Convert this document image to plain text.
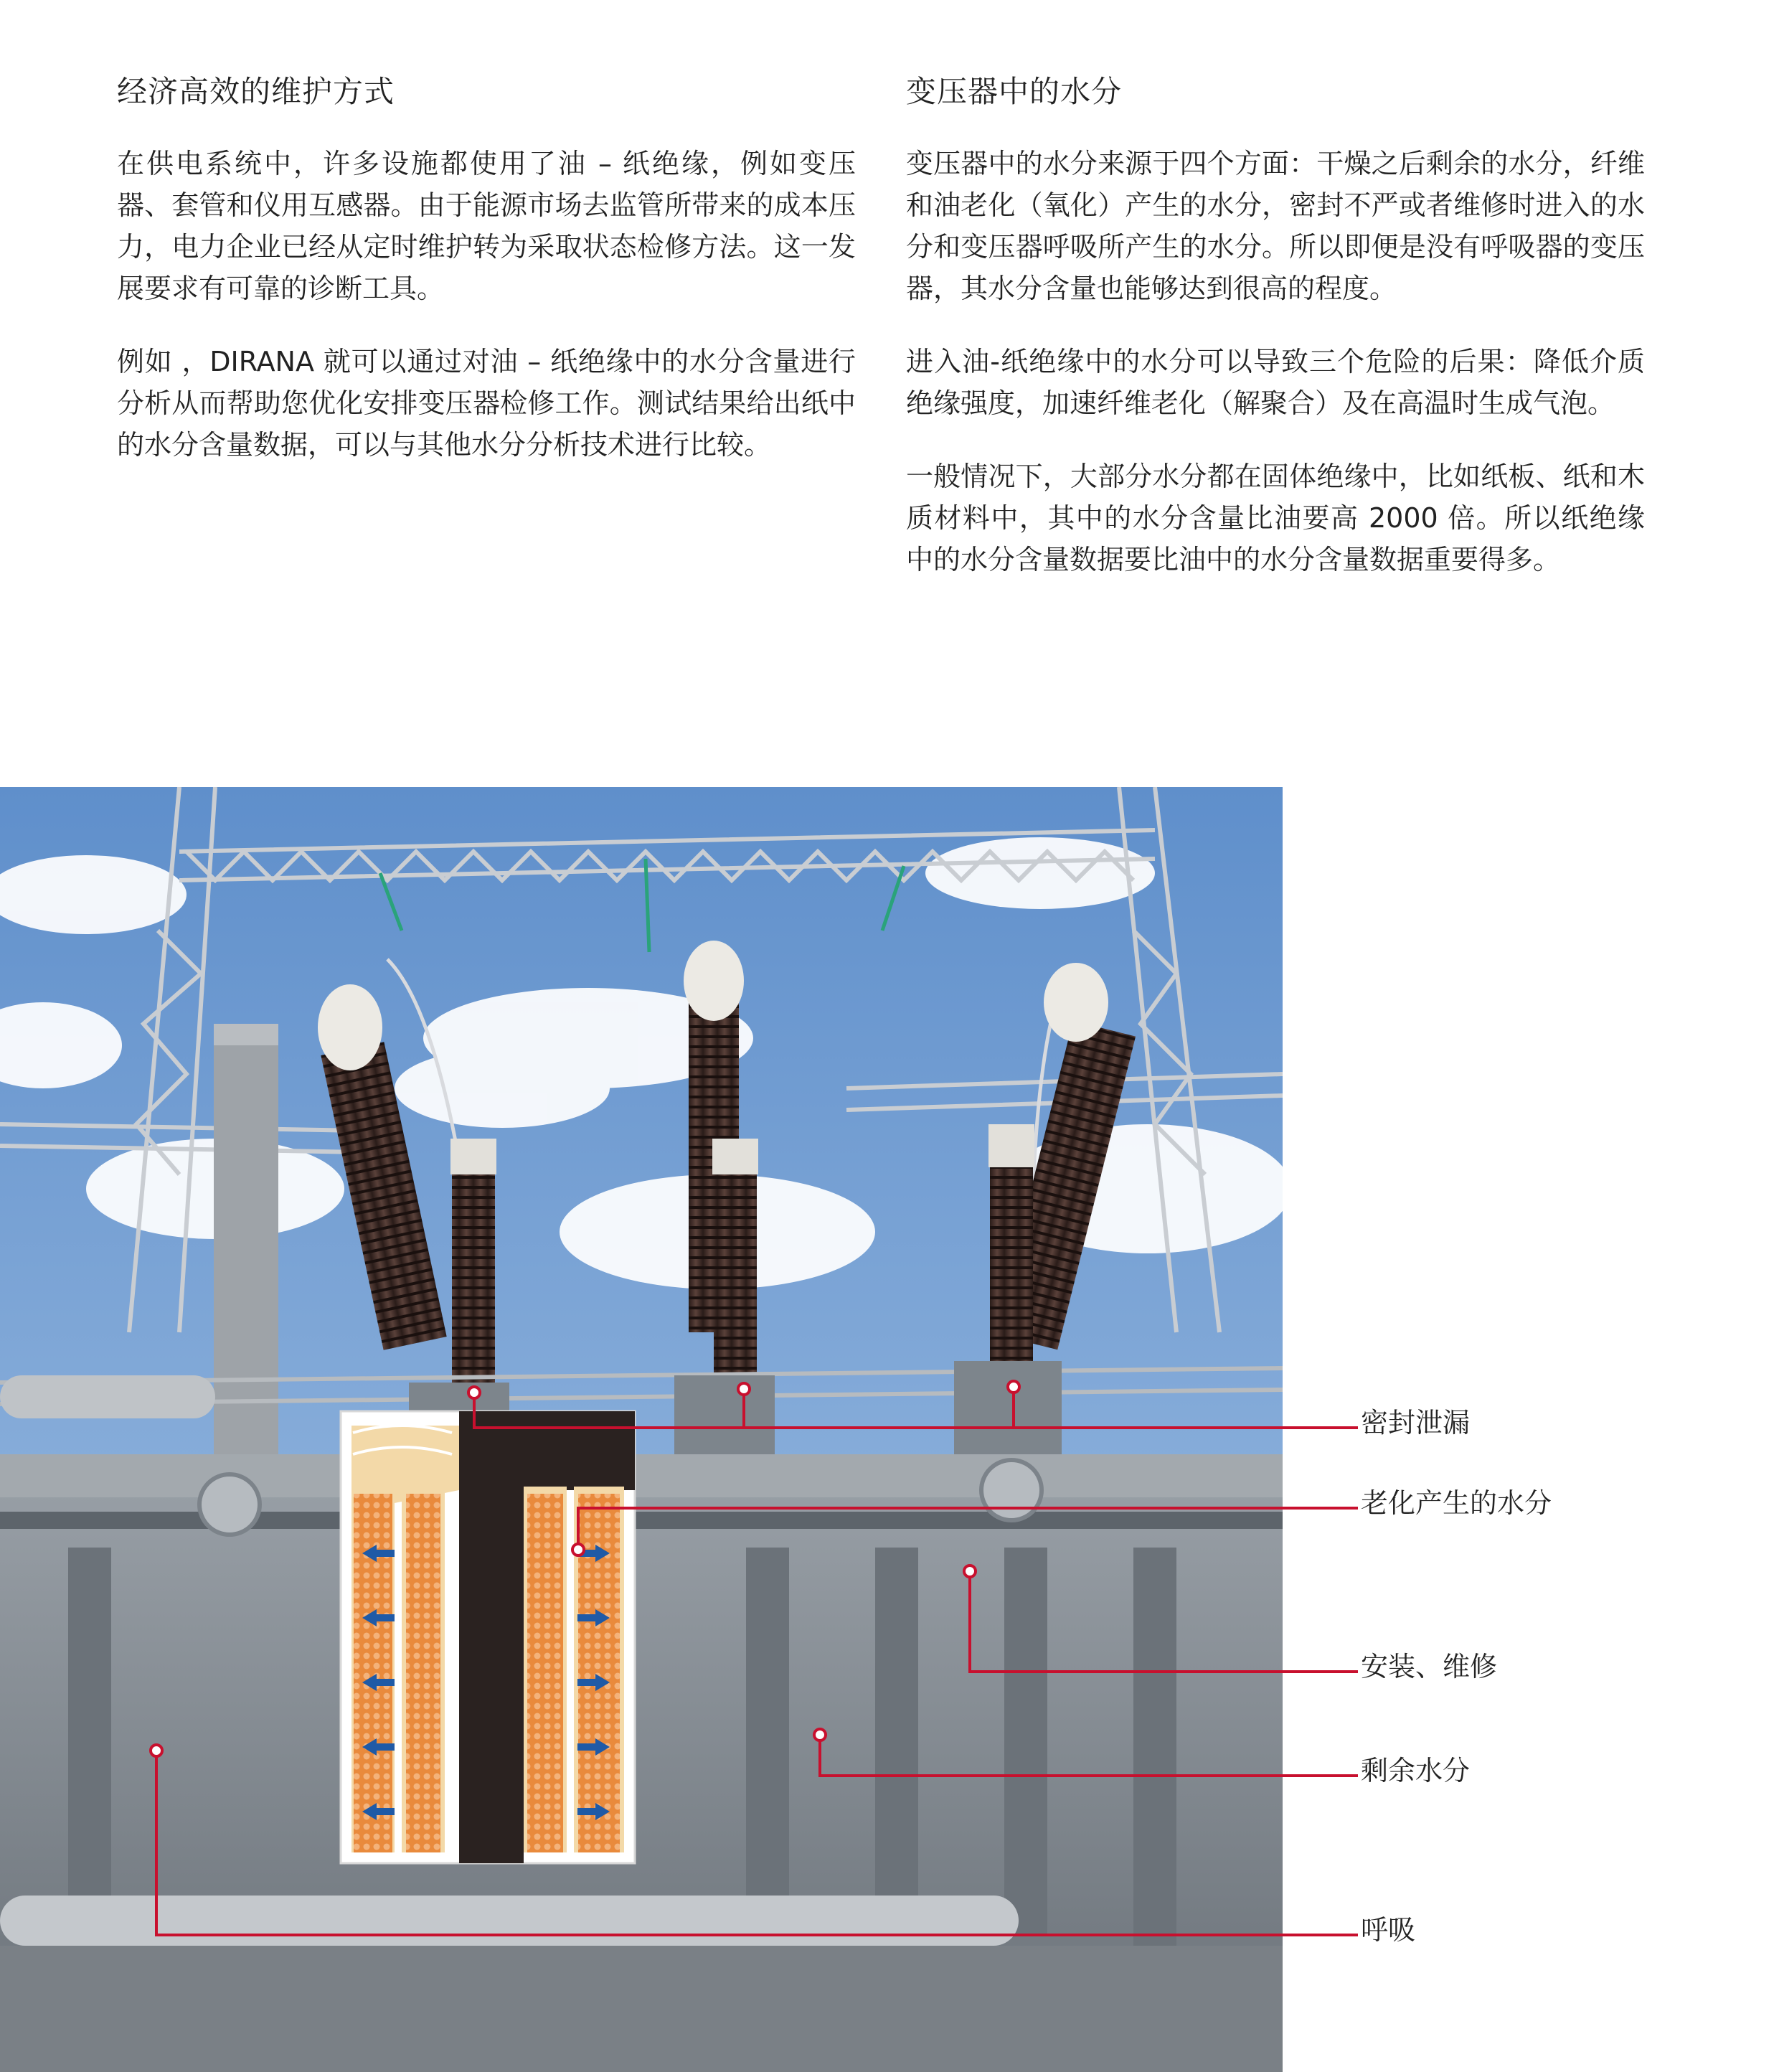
经济高效的维护方式

在供电系统中，许多设施都使用了油 – 纸绝缘，例如变压器、套管和仪用互感器。由于能源市场去监管所带来的成本压力，电力企业已经从定时维护转为采取状态检修方法。这一发展要求有可靠的诊断工具。

例如 ，DIRANA 就可以通过对油 – 纸绝缘中的水分含量进行分析从而帮助您优化安排变压器检修工作。测试结果给出纸中的水分含量数据，可以与其他水分分析技术进行比较。

变压器中的水分

变压器中的水分来源于四个方面：干燥之后剩余的水分，纤维和油老化（氧化）产生的水分，密封不严或者维修时进入的水分和变压器呼吸所产生的水分。所以即便是没有呼吸器的变压器，其水分含量也能够达到很高的程度。

进入油-纸绝缘中的水分可以导致三个危险的后果：降低介质绝缘强度，加速纤维老化（解聚合）及在高温时生成气泡。

一般情况下，大部分水分都在固体绝缘中，比如纸板、纸和木质材料中，其中的水分含量比油要高 2000 倍。所以纸绝缘中的水分含量数据要比油中的水分含量数据重要得多。

密封泄漏
老化产生的水分
安装、维修
剩余水分
呼吸
